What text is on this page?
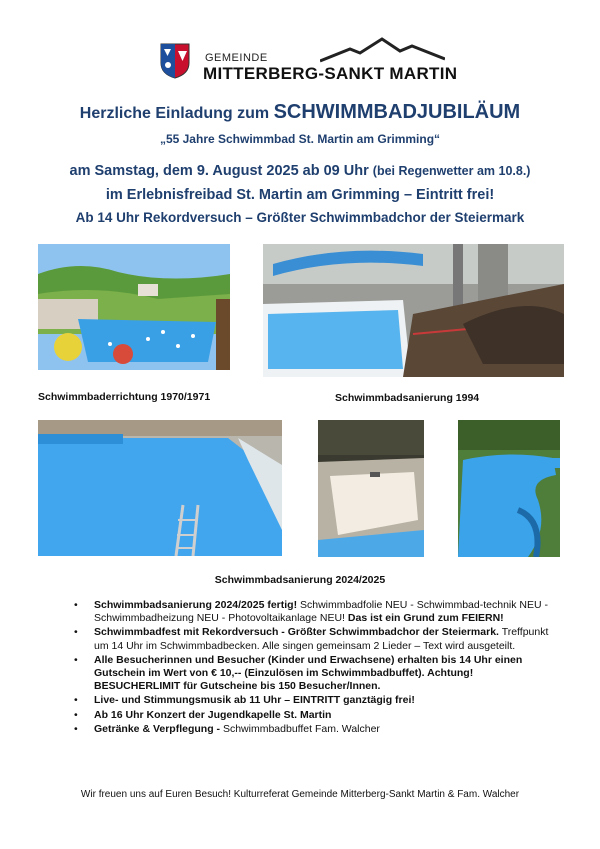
GEMEINDE
MITTERBERG-SANKT MARTIN
Herzliche Einladung zum SCHWIMMBADJUBILÄUM
„55 Jahre Schwimmbad St. Martin am Grimming“
am Samstag, dem 9. August 2025 ab 09 Uhr (bei Regenwetter am 10.8.)
im Erlebnisfreibad St. Martin am Grimming – Eintritt frei!
Ab 14 Uhr Rekordversuch – Größter Schwimmbadchor der Steiermark
Schwimmbaderrichtung 1970/1971	Schwimmbadsanierung 1994
Schwimmbadsanierung 2024/2025
• Schwimmbadsanierung 2024/2025 fertig! Schwimmbadfolie NEU - Schwimmbad-technik NEU - Schwimmbadheizung NEU - Photovoltaikanlage NEU! Das ist ein Grund zum FEIERN!
• Schwimmbadfest mit Rekordversuch - Größter Schwimmbadchor der Steiermark. Treffpunkt um 14 Uhr im Schwimmbadbecken. Alle singen gemeinsam 2 Lieder – Text wird ausgeteilt.
• Alle Besucherinnen und Besucher (Kinder und Erwachsene) erhalten bis 14 Uhr einen Gutschein im Wert von € 10,-- (Einzulösen im Schwimmbadbuffet). Achtung! BESUCHERLIMIT für Gutscheine bis 150 Besucher/Innen.
• Live- und Stimmungsmusik ab 11 Uhr – EINTRITT ganztägig frei!
• Ab 16 Uhr Konzert der Jugendkapelle St. Martin
• Getränke & Verpflegung - Schwimmbadbuffet Fam. Walcher
Wir freuen uns auf Euren Besuch! Kulturreferat Gemeinde Mitterberg-Sankt Martin & Fam. Walcher
